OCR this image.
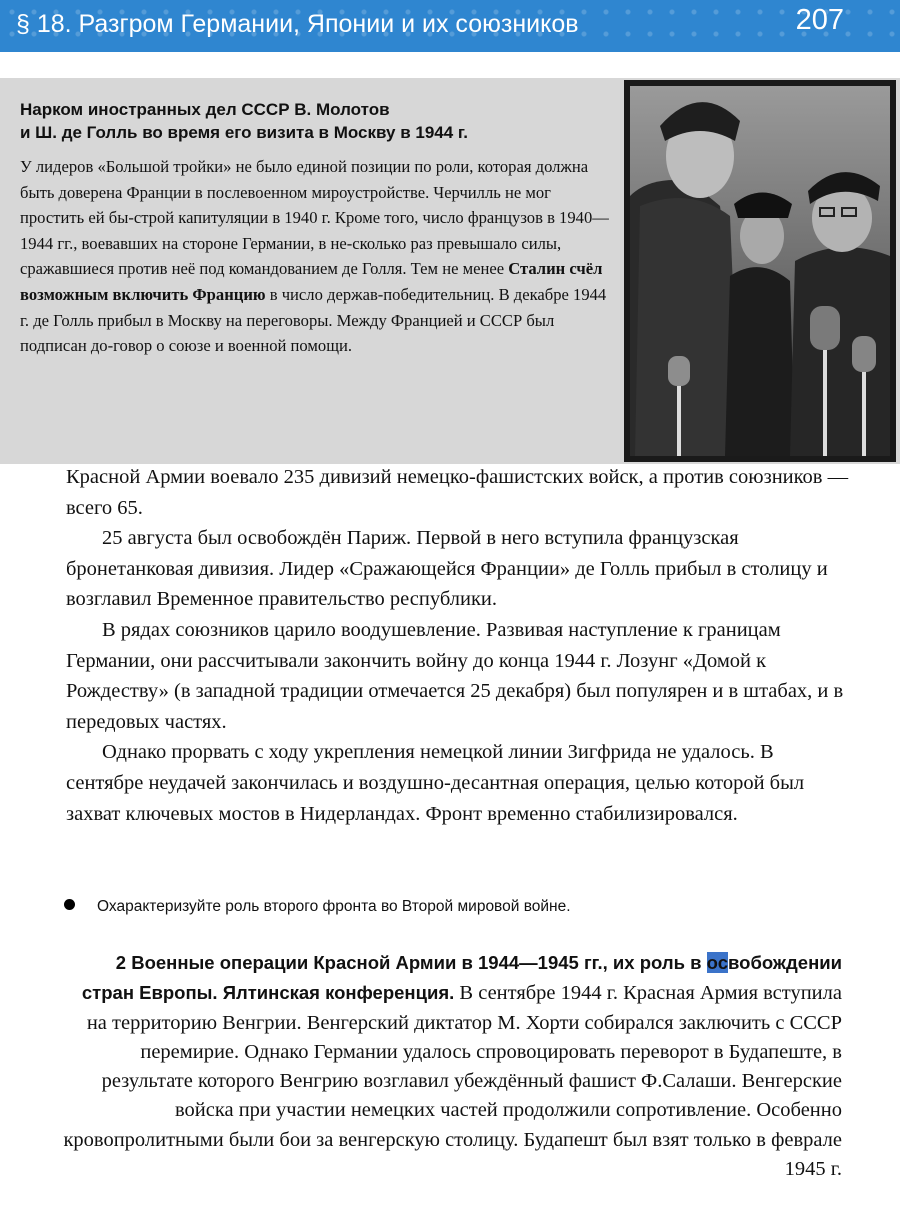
§ 18. Разгром Германии, Японии и их союзников	207
Нарком иностранных дел СССР В. Молотов
и Ш. де Голль во время его визита в Москву в 1944 г.
У лидеров «Большой тройки» не было единой позиции по роли, которая должна быть доверена Франции в послевоенном мироустройстве. Черчилль не мог простить ей бы-строй капитуляции в 1940 г. Кроме того, число французов в 1940—1944 гг., воевавших на стороне Германии, в не-сколько раз превышало силы, сражавшиеся против неё под командованием де Голля. Тем не менее Сталин счёл возможным включить Францию в число держав-победительниц. В декабре 1944 г. де Голль прибыл в Москву на переговоры. Между Францией и СССР был подписан до-говор о союзе и военной помощи.
Красной Армии воевало 235 дивизий немецко-фашистских войск, а против союзников — всего 65.
25 августа был освобождён Париж. Первой в него вступила французская бронетанковая дивизия. Лидер «Сражающейся Франции» де Голль прибыл в столицу и возглавил Временное правительство республики.
В рядах союзников царило воодушевление. Развивая наступление к границам Германии, они рассчитывали закончить войну до конца 1944 г. Лозунг «Домой к Рождеству» (в западной традиции отмечается 25 декабря) был популярен и в штабах, и в передовых частях.
Однако прорвать с ходу укрепления немецкой линии Зигфрида не удалось. В сентябре неудачей закончилась и воздушно-десантная операция, целью которой был захват ключевых мостов в Нидерландах. Фронт временно стабилизировался.
Охарактеризуйте роль второго фронта во Второй мировой войне.
2 Военные операции Красной Армии в 1944—1945 гг., их роль в освобождении стран Европы. Ялтинская конференция. В сентябре 1944 г. Красная Армия вступила на территорию Венгрии. Венгерский диктатор М. Хорти собирался заключить с СССР перемирие. Однако Германии удалось спровоцировать переворот в Будапеште, в результате которого Венгрию возглавил убеждённый фашист Ф.Салаши. Венгерские войска при участии немецких частей продолжили сопротивление. Особенно кровопролитными были бои за венгерскую столицу. Будапешт был взят только в феврале 1945 г.
